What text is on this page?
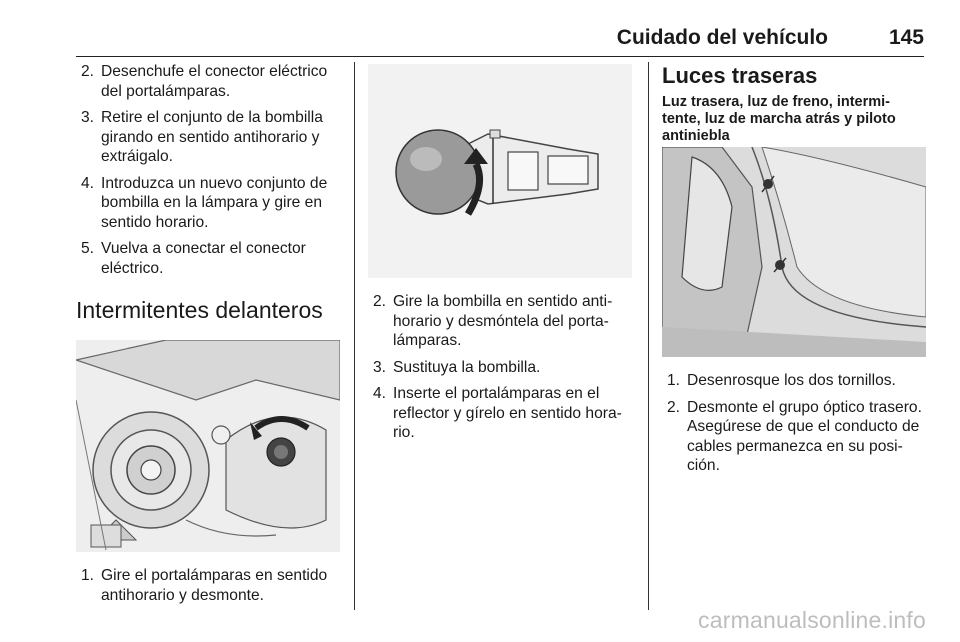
Cuidado del vehículo	145
2. Desenchufe el conector eléctrico del portalámparas.
3. Retire el conjunto de la bombilla girando en sentido antihorario y extráigalo.
4. Introduzca un nuevo conjunto de bombilla en la lámpara y gire en sentido horario.
5. Vuelva a conectar el conector eléctrico.
Intermitentes delanteros
1. Gire el portalámparas en sentido antihorario y desmonte.
2. Gire la bombilla en sentido anti‐ horario y desmóntela del porta‐ lámparas.
3. Sustituya la bombilla.
4. Inserte el portalámparas en el reflector y gírelo en sentido hora‐ rio.
Luces traseras
Luz trasera, luz de freno, intermi‐ tente, luz de marcha atrás y piloto antiniebla
1. Desenrosque los dos tornillos.
2. Desmonte el grupo óptico trasero. Asegúrese de que el conducto de cables permanezca en su posi‐ ción.
carmanualsonline.info
